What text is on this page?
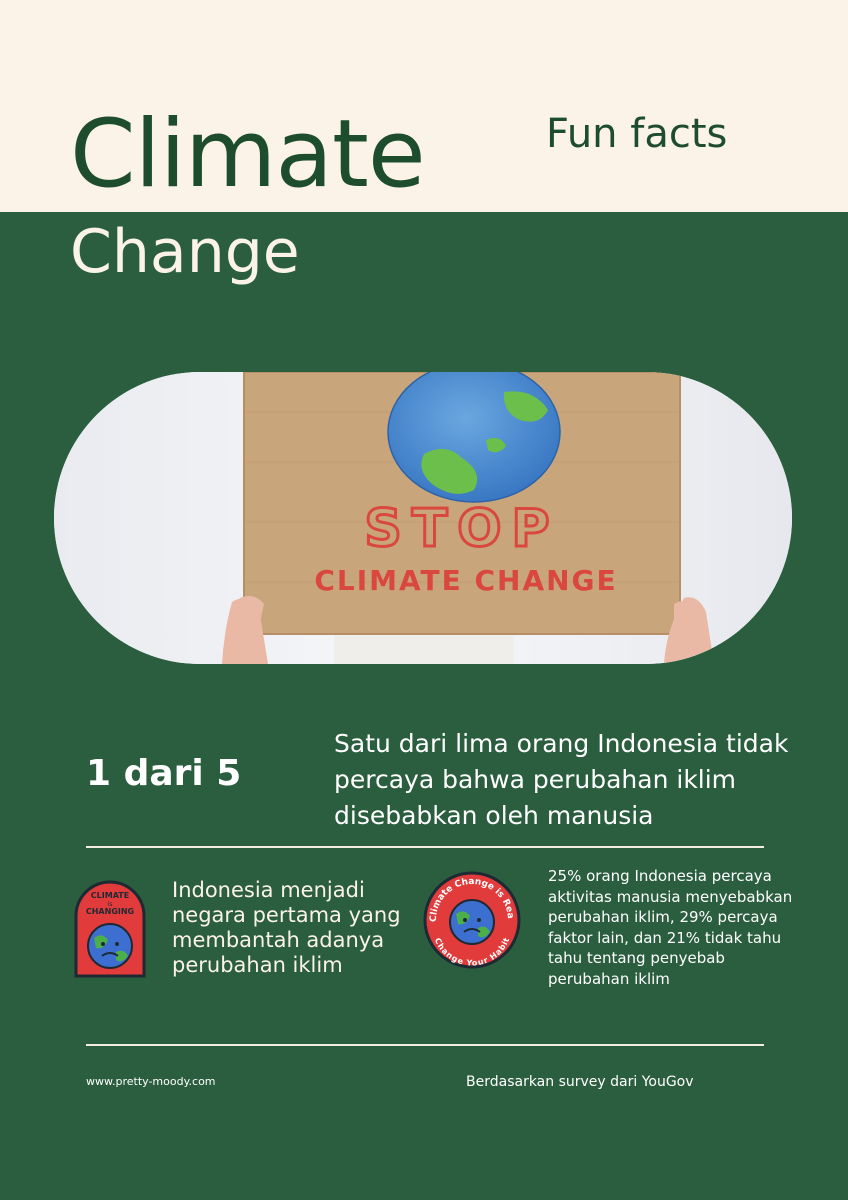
Climate
Change
Fun facts
STOP
CLIMATE CHANGE
1 dari 5
Satu dari lima orang Indonesia tidak percaya bahwa perubahan iklim disebabkan oleh manusia
CLIMATE
is
CHANGING
Indonesia menjadi negara pertama yang membantah adanya perubahan iklim
Climate Change is Rea
Change Your Habit
25% orang Indonesia percaya aktivitas manusia menyebabkan perubahan iklim, 29% percaya faktor lain, dan 21% tidak tahu tahu tentang penyebab perubahan iklim
www.pretty-moody.com	Berdasarkan survey dari YouGov
